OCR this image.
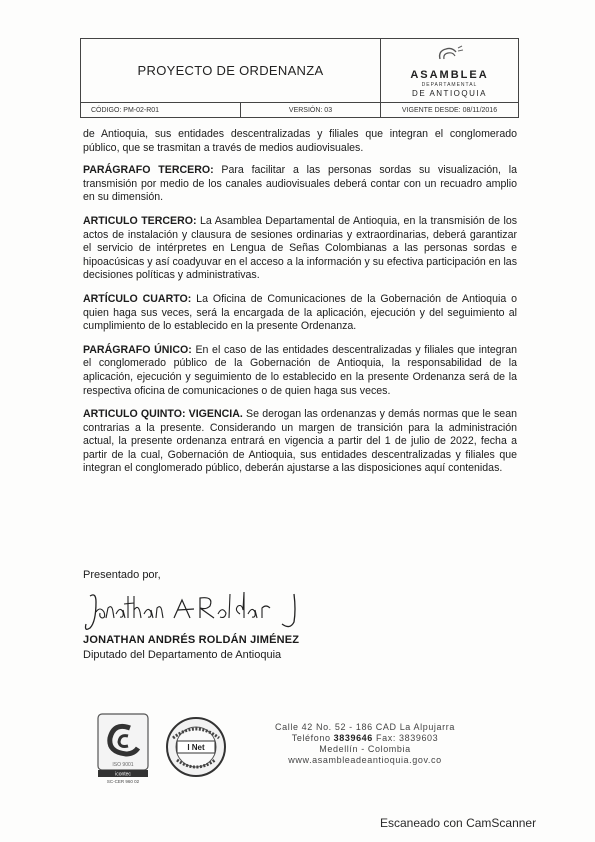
PROYECTO DE ORDENANZA	ASAMBLEA
DEPARTAMENTAL
DE ANTIOQUIA
CÓDIGO: PM-02-R01	VERSIÓN: 03	VIGENTE DESDE: 08/11/2016

de Antioquia, sus entidades descentralizadas y filiales que integran el conglomerado público, que se trasmitan a través de medios audiovisuales.

PARÁGRAFO TERCERO: Para facilitar a las personas sordas su visualización, la transmisión por medio de los canales audiovisuales deberá contar con un recuadro amplio en su dimensión.

ARTICULO TERCERO: La Asamblea Departamental de Antioquia, en la transmisión de los actos de instalación y clausura de sesiones ordinarias y extraordinarias, deberá garantizar el servicio de intérpretes en Lengua de Señas Colombianas a las personas sordas e hipoacúsicas y así coadyuvar en el acceso a la información y su efectiva participación en las decisiones políticas y administrativas.

ARTÍCULO CUARTO: La Oficina de Comunicaciones de la Gobernación de Antioquia o quien haga sus veces, será la encargada de la aplicación, ejecución y del seguimiento al cumplimiento de lo establecido en la presente Ordenanza.

PARÁGRAFO ÚNICO: En el caso de las entidades descentralizadas y filiales que integran el conglomerado público de la Gobernación de Antioquia, la responsabilidad de la aplicación, ejecución y seguimiento de lo establecido en la presente Ordenanza será de la respectiva oficina de comunicaciones o de quien haga sus veces.

ARTICULO QUINTO: VIGENCIA. Se derogan las ordenanzas y demás normas que le sean contrarias a la presente. Considerando un margen de transición para la administración actual, la presente ordenanza entrará en vigencia a partir del 1 de julio de 2022, fecha a partir de la cual, Gobernación de Antioquia, sus entidades descentralizadas y filiales que integran el conglomerado público, deberán ajustarse a las disposiciones aquí contenidas.

Presentado por,
JONATHAN ANDRÉS ROLDÁN JIMÉNEZ
Diputado del Departamento de Antioquia
ISO 9001
icontec
SC-CER 960 02
I Net
Calle 42 No. 52 - 186 CAD La Alpujarra
Teléfono 3839646 Fax: 3839603
Medellín - Colombia
www.asambleadeantioquia.gov.co
Escaneado con CamScanner
